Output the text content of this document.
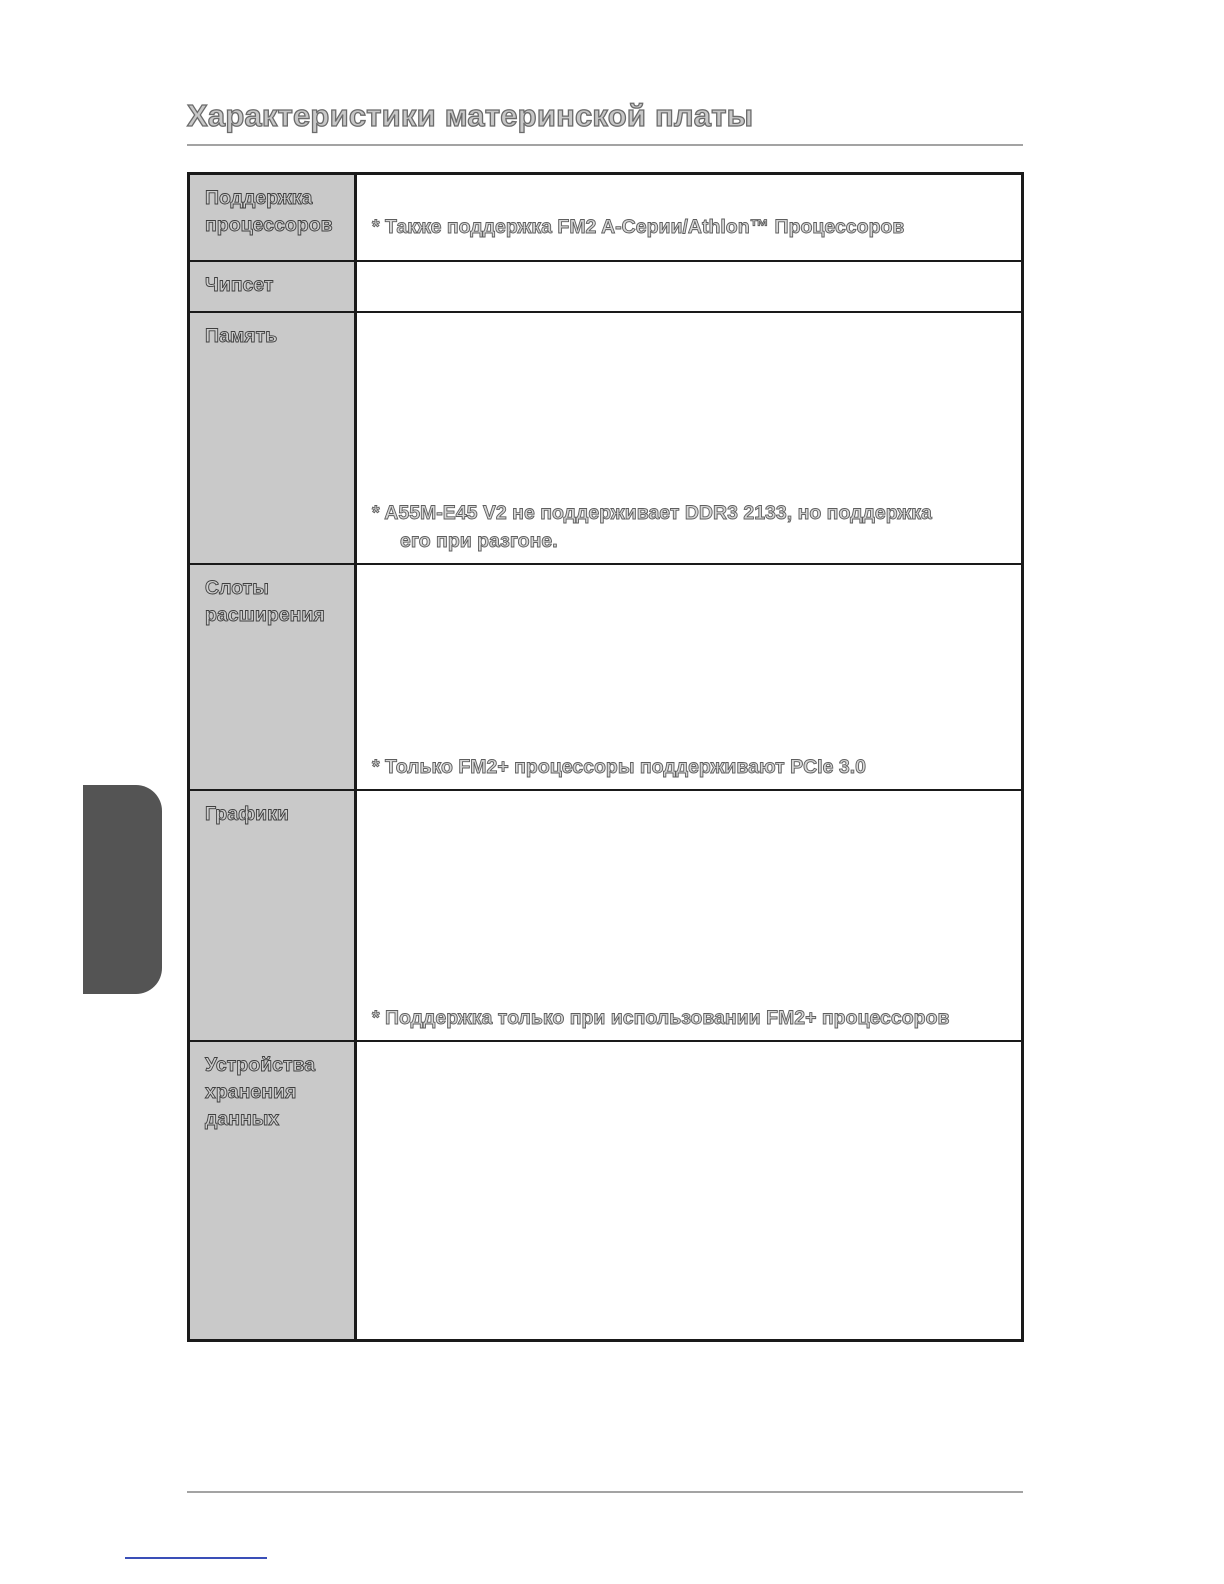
Характеристики материнской платы
Поддержка
процессоров	* Также поддержка FM2 A-Серии/Athlon™ Процессоров
Чипсет
Память
* A55M-E45 V2 не поддерживает DDR3 2133, но поддержка
его при разгоне.
Слоты
расширения
* Только FM2+ процессоры поддерживают PCIe 3.0
Графики
* Поддержка только при использовании FM2+ процессоров
Устройства
хранения
данных
